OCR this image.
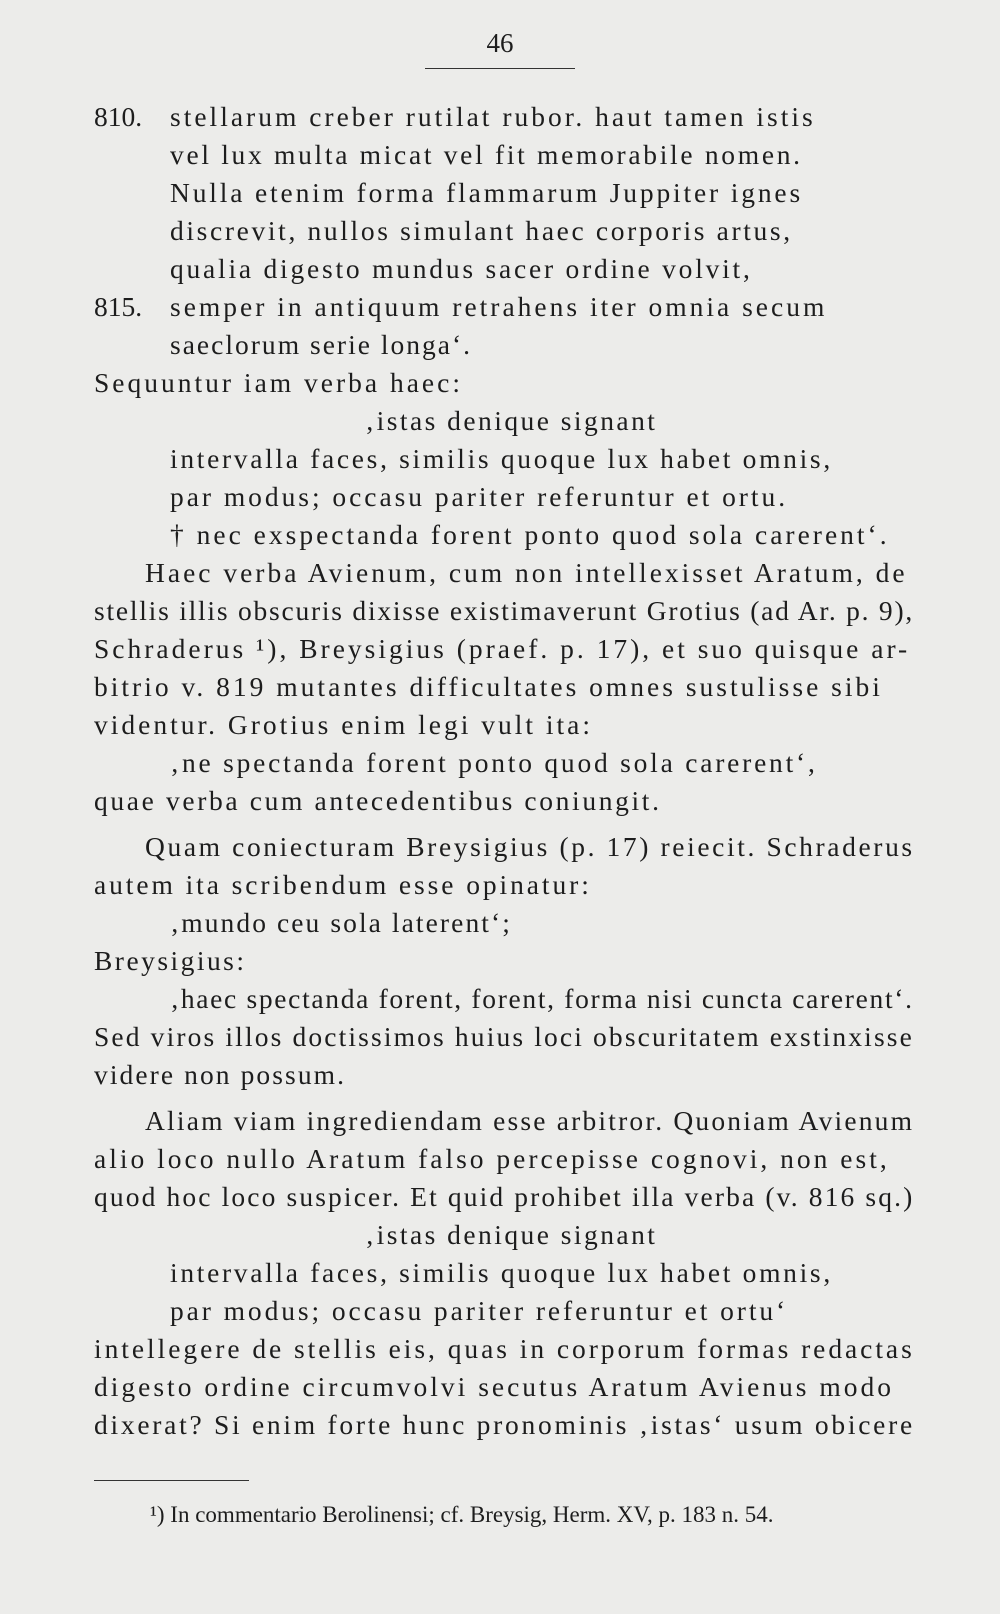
46
810. stellarum creber rutilat rubor. haut tamen istis
vel lux multa micat vel fit memorabile nomen.
Nulla etenim forma flammarum Juppiter ignes
discrevit, nullos simulant haec corporis artus,
qualia digesto mundus sacer ordine volvit,
815. semper in antiquum retrahens iter omnia secum
saeclorum serie longa‘.
Sequuntur iam verba haec:
‚istas denique signant
intervalla faces, similis quoque lux habet omnis,
par modus; occasu pariter referuntur et ortu.
† nec exspectanda forent ponto quod sola carerent‘.
Haec verba Avienum, cum non intellexisset Aratum, de
stellis illis obscuris dixisse existimaverunt Grotius (ad Ar. p. 9),
Schraderus ¹), Breysigius (praef. p. 17), et suo quisque ar-
bitrio v. 819 mutantes difficultates omnes sustulisse sibi
videntur. Grotius enim legi vult ita:
‚ne spectanda forent ponto quod sola carerent‘,
quae verba cum antecedentibus coniungit.
Quam coniecturam Breysigius (p. 17) reiecit. Schraderus
autem ita scribendum esse opinatur:
‚mundo ceu sola laterent‘;
Breysigius:
‚haec spectanda forent, forent, forma nisi cuncta carerent‘.
Sed viros illos doctissimos huius loci obscuritatem exstinxisse
videre non possum.
Aliam viam ingrediendam esse arbitror. Quoniam Avienum
alio loco nullo Aratum falso percepisse cognovi, non est,
quod hoc loco suspicer. Et quid prohibet illa verba (v. 816 sq.)
‚istas denique signant
intervalla faces, similis quoque lux habet omnis,
par modus; occasu pariter referuntur et ortu‘
intellegere de stellis eis, quas in corporum formas redactas
digesto ordine circumvolvi secutus Aratum Avienus modo
dixerat? Si enim forte hunc pronominis ‚istas‘ usum obicere
¹) In commentario Berolinensi; cf. Breysig, Herm. XV, p. 183 n. 54.
